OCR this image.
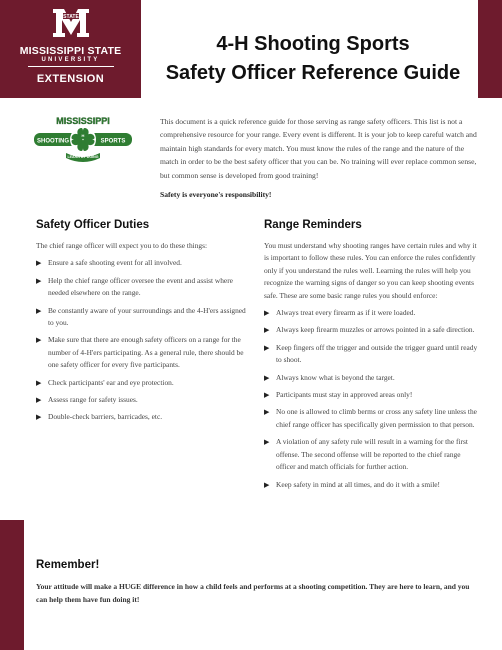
STATE
MISSISSIPPI STATE
UNIVERSITY
EXTENSION
4-H Shooting Sports
Safety Officer Reference Guide
MISSISSIPPI
SHOOTING	SPORTS
H
LEARN BY DOING

This document is a quick reference guide for those serving as range safety officers. This list is not a comprehensive resource for your range. Every event is different. It is your job to keep careful watch and maintain high standards for every match. You must know the rules of the range and the nature of the match in order to be the best safety officer that you can be. No training will ever replace common sense, but common sense is developed from good training!

Safety is everyone's responsibility!

Safety Officer Duties

The chief range officer will expect you to do these things:

▶ Ensure a safe shooting event for all involved.
▶ Help the chief range officer oversee the event and assist where needed elsewhere on the range.
▶ Be constantly aware of your surroundings and the 4-H'ers assigned to you.
▶ Make sure that there are enough safety officers on a range for the number of 4-H'ers participating. As a general rule, there should be one safety officer for every five participants.
▶ Check participants' ear and eye protection.
▶ Assess range for safety issues.
▶ Double-check barriers, barricades, etc.
Range Reminders

You must understand why shooting ranges have certain rules and why it is important to follow these rules. You can enforce the rules confidently only if you understand the rules well. Learning the rules will help you recognize the warning signs of danger so you can keep shooting events safe. These are some basic range rules you should enforce:

▶ Always treat every firearm as if it were loaded.
▶ Always keep firearm muzzles or arrows pointed in a safe direction.
▶ Keep fingers off the trigger and outside the trigger guard until ready to shoot.
▶ Always know what is beyond the target.
▶ Participants must stay in approved areas only!
▶ No one is allowed to climb berms or cross any safety line unless the chief range officer has specifically given permission to that person.
▶ A violation of any safety rule will result in a warning for the first offense. The second offense will be reported to the chief range officer and match officials for further action.
▶ Keep safety in mind at all times, and do it with a smile!
Remember!

Your attitude will make a HUGE difference in how a child feels and performs at a shooting competition. They are here to learn, and you can help them have fun doing it!
